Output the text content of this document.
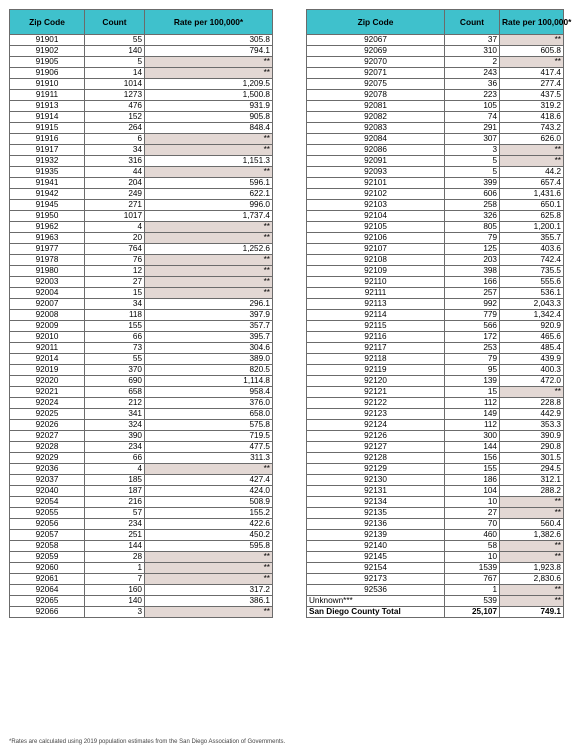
Zip Code	Count	Rate per 100,000*
91901	55	305.8
91902	140	794.1
91905	5	**
91906	14	**
91910	1014	1,209.5
91911	1273	1,500.8
91913	476	931.9
91914	152	905.8
91915	264	848.4
91916	6	**
91917	34	**
91932	316	1,151.3
91935	44	**
91941	204	596.1
91942	249	622.1
91945	271	996.0
91950	1017	1,737.4
91962	4	**
91963	20	**
91977	764	1,252.6
91978	76	**
91980	12	**
92003	27	**
92004	15	**
92007	34	296.1
92008	118	397.9
92009	155	357.7
92010	66	395.7
92011	73	304.6
92014	55	389.0
92019	370	820.5
92020	690	1,114.8
92021	658	958.4
92024	212	376.0
92025	341	658.0
92026	324	575.8
92027	390	719.5
92028	234	477.5
92029	66	311.3
92036	4	**
92037	185	427.4
92040	187	424.0
92054	216	508.9
92055	57	155.2
92056	234	422.6
92057	251	450.2
92058	144	595.8
92059	28	**
92060	1	**
92061	7	**
92064	160	317.2
92065	140	386.1
92066	3	**
Zip Code	Count	Rate per 100,000*
92067	37	**
92069	310	605.8
92070	2	**
92071	243	417.4
92075	36	277.4
92078	223	437.5
92081	105	319.2
92082	74	418.6
92083	291	743.2
92084	307	626.0
92086	3	**
92091	5	**
92093	5	44.2
92101	399	657.4
92102	606	1,431.6
92103	258	650.1
92104	326	625.8
92105	805	1,200.1
92106	79	355.7
92107	125	403.6
92108	203	742.4
92109	398	735.5
92110	166	555.6
92111	257	536.1
92113	992	2,043.3
92114	779	1,342.4
92115	566	920.9
92116	172	465.6
92117	253	485.4
92118	79	439.9
92119	95	400.3
92120	139	472.0
92121	15	**
92122	112	228.8
92123	149	442.9
92124	112	353.3
92126	300	390.9
92127	144	290.8
92128	156	301.5
92129	155	294.5
92130	186	312.1
92131	104	288.2
92134	10	**
92135	27	**
92136	70	560.4
92139	460	1,382.6
92140	58	**
92145	10	**
92154	1539	1,923.8
92173	767	2,830.6
92536	1	**
Unknown***	539	**
San Diego County Total	25,107	749.1
*Rates are calculated using 2019 population estimates from the San Diego Association of Governments.
